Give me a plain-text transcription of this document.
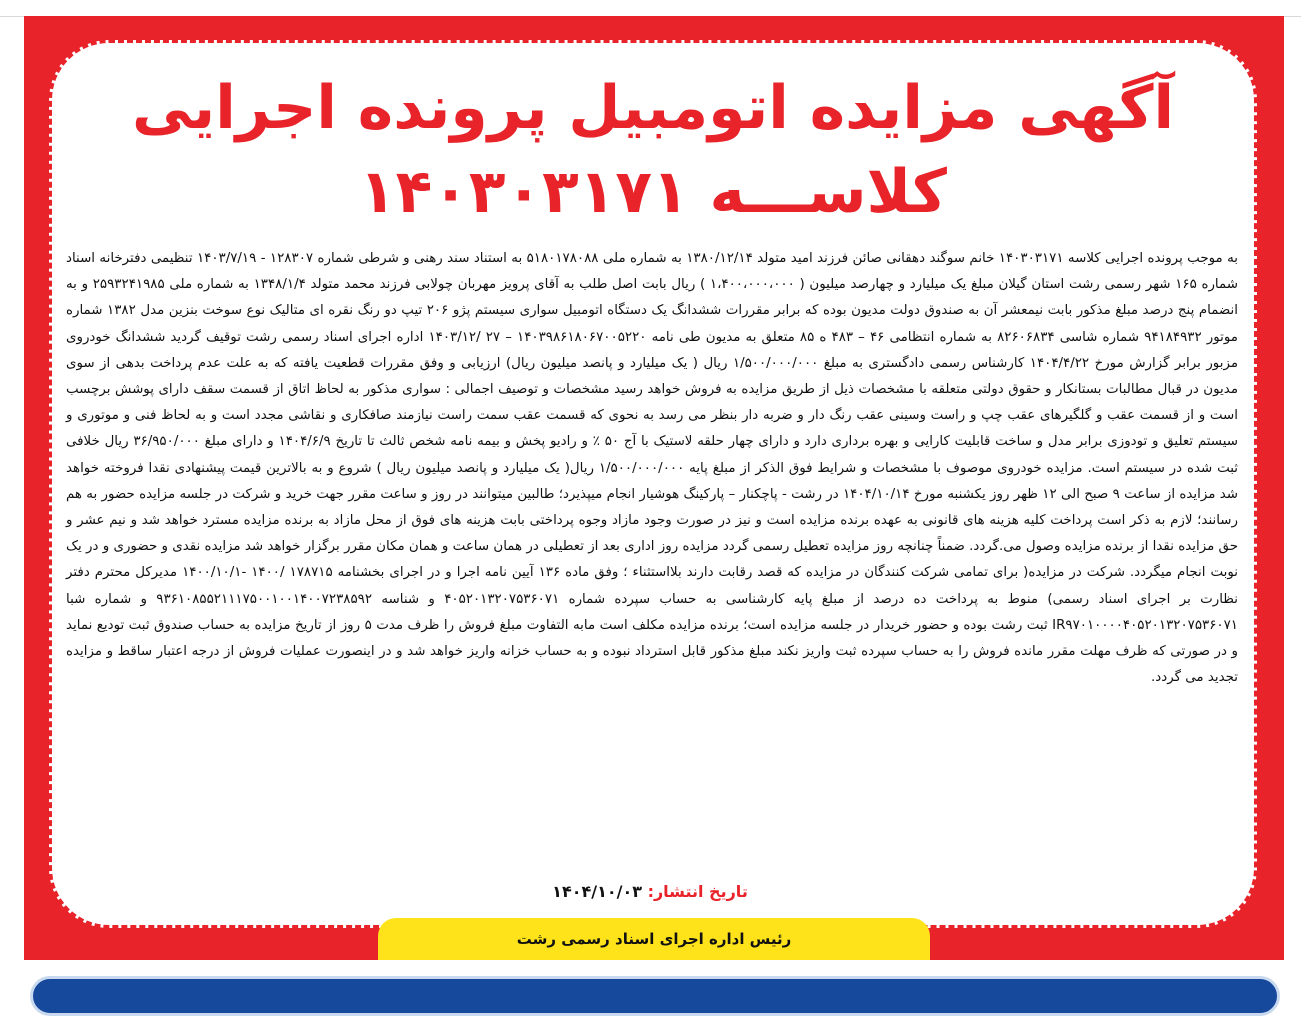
آگهی مزایده اتومبیل پرونده اجرایی کلاســـه ۱۴۰۳۰۳۱۷۱

به موجب پرونده اجرایی کلاسه ۱۴۰۳۰۳۱۷۱ خانم سوگند دهقانی صائن فرزند امید متولد ۱۳۸۰/۱۲/۱۴ به شماره ملی ۵۱۸۰۱۷۸۰۸۸ به استناد سند رهنی و شرطی شماره ۱۲۸۳۰۷ - ۱۴۰۳/۷/۱۹ تنظیمی دفترخانه اسناد شماره ۱۶۵ شهر رسمی رشت استان گیلان مبلغ یک میلیارد و چهارصد میلیون ( ۱،۴۰۰،۰۰۰،۰۰۰ ) ریال بابت اصل طلب به آقای پرویز مهربان چولابی فرزند محمد متولد ۱۳۴۸/۱/۴ به شماره ملی ۲۵۹۳۲۴۱۹۸۵ و به انضمام پنج درصد مبلغ مذکور بابت نیمعشر آن به صندوق دولت مدیون بوده که برابر مقررات ششدانگ یک دستگاه اتومبیل سواری سیستم پژو ۲۰۶ تیپ دو رنگ نقره ای متالیک نوع سوخت بنزین مدل ۱۳۸۲ شماره موتور ۹۴۱۸۴۹۳۲ شماره شاسی ۸۲۶۰۶۸۳۴ به شماره انتظامی ۴۶ – ۴۸۳ ه ۸۵ متعلق به مدیون طی نامه ۱۴۰۳۹۸۶۱۸۰۶۷۰۰۵۲۲۰ – ۲۷ /۱۴۰۳/۱۲ اداره اجرای اسناد رسمی رشت توقیف گردید ششدانگ خودروی مزبور برابر گزارش مورخ ۱۴۰۴/۴/۲۲ کارشناس رسمی دادگستری به مبلغ ۱/۵۰۰/۰۰۰/۰۰۰ ریال ( یک میلیارد و پانصد میلیون ریال) ارزیابی و وفق مقررات قطعیت یافته که به علت عدم پرداخت بدهی از سوی مدیون در قبال مطالبات بستانکار و حقوق دولتی متعلقه با مشخصات ذیل از طریق مزایده به فروش خواهد رسید مشخصات و توصیف اجمالی : سواری مذکور به لحاظ اتاق از قسمت سقف دارای پوشش برچسب است و از قسمت عقب و گلگیرهای عقب چپ و راست وسینی عقب رنگ دار و ضربه دار بنظر می رسد به نحوی که قسمت عقب سمت راست نیازمند صافکاری و نقاشی مجدد است و به لحاظ فنی و موتوری و سیستم تعلیق و تودوزی برابر مدل و ساخت قابلیت کارایی و بهره برداری دارد و دارای چهار حلقه لاستیک با آج ۵۰ ٪ و رادیو پخش و بیمه نامه شخص ثالث تا تاریخ ۱۴۰۴/۶/۹ و دارای مبلغ ۳۶/۹۵۰/۰۰۰ ریال خلافی ثبت شده در سیستم است. مزایده خودروی موصوف با مشخصات و شرایط فوق الذکر از مبلغ پایه ۱/۵۰۰/۰۰۰/۰۰۰ ریال( یک میلیارد و پانصد میلیون ریال ) شروع و به بالاترین قیمت پیشنهادی نقدا فروخته خواهد شد مزایده از ساعت ۹ صبح الی ۱۲ ظهر روز یکشنبه مورخ ۱۴۰۴/۱۰/۱۴ در رشت - پاچکنار – پارکینگ هوشیار انجام میپذیرد؛ طالبین میتوانند در روز و ساعت مقرر جهت خرید و شرکت در جلسه مزایده حضور به هم رسانند؛ لازم به ذکر است پرداخت کلیه هزینه های قانونی به عهده برنده مزایده است و نیز در صورت وجود مازاد وجوه پرداختی بابت هزینه های فوق از محل مازاد به برنده مزایده مسترد خواهد شد و نیم عشر و حق مزایده نقدا از برنده مزایده وصول می.گردد. ضمناً چنانچه روز مزایده تعطیل رسمی گردد مزایده روز اداری بعد از تعطیلی در همان ساعت و همان مکان مقرر برگزار خواهد شد مزایده نقدی و حضوری و در یک نوبت انجام میگردد. شرکت در مزایده( برای تمامی شرکت کنندگان در مزایده که قصد رقابت دارند بلااستثناء ؛ وفق ماده ۱۳۶ آیین نامه اجرا و در اجرای بخشنامه ۱۷۸۷۱۵ /۱۴۰۰ -۱۴۰۰/۱۰/۱ مدیرکل محترم دفتر نظارت بر اجرای اسناد رسمی) منوط به پرداخت ده درصد از مبلغ پایه کارشناسی به حساب سپرده شماره ۴۰۵۲۰۱۳۲۰۷۵۳۶۰۷۱ و شناسه ۹۳۶۱۰۸۵۵۲۱۱۱۷۵۰۰۱۰۰۱۴۰۰۷۲۳۸۵۹۲ و شماره شبا IR۹۷۰۱۰۰۰۰۴۰۵۲۰۱۳۲۰۷۵۳۶۰۷۱ ثبت رشت بوده و حضور خریدار در جلسه مزایده است؛ برنده مزایده مکلف است مابه التفاوت مبلغ فروش را ظرف مدت ۵ روز از تاریخ مزایده به حساب صندوق ثبت تودیع نماید و در صورتی که ظرف مهلت مقرر مانده فروش را به حساب سپرده ثبت واریز نکند مبلغ مذکور قابل استرداد نبوده و به حساب خزانه واریز خواهد شد و در اینصورت عملیات فروش از درجه اعتبار ساقط و مزایده تجدید می گردد.

تاریخ انتشار: ۱۴۰۴/۱۰/۰۳
رئیس اداره اجرای اسناد رسمی رشت
